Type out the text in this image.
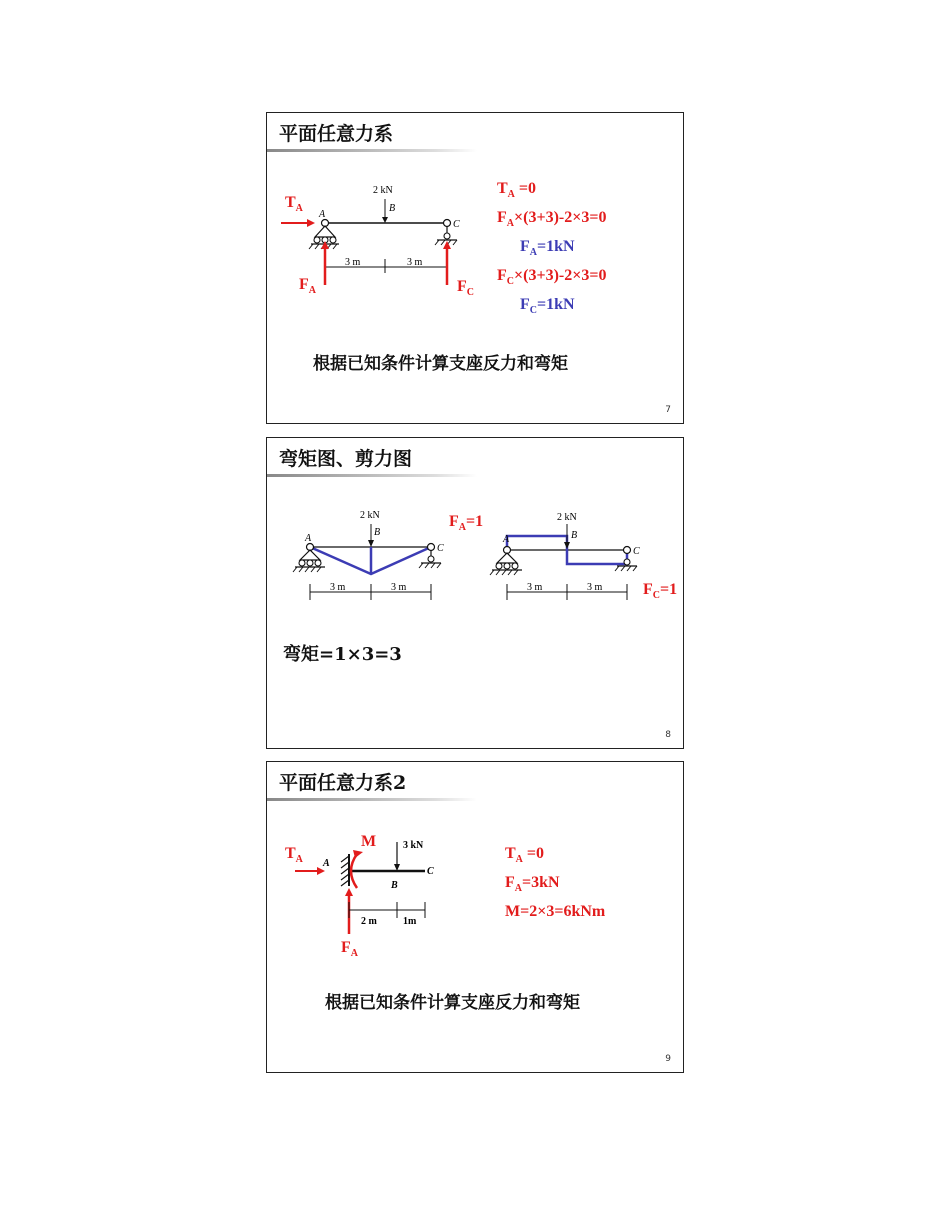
平面任意力系
3 m	3 m
2 kN
B
A
C
$T_A$
$F_A$	$F_C$
$T_A =0$
$F_A\times(3+3)-2\times 3=0$
$F_A=1kN$
$F_C\times(3+3)-2\times 3=0$
$F_C=1kN$
根据已知条件计算支座反力和弯矩
7
弯矩图、剪力图
2 kN
B
A
C
3 m	3 m
2 kN
B
A
C
3 m	3 m
$F_A=1$
$F_C=1$
弯矩=1×3=3
8
平面任意力系2
3 kN
B
A
C
M
$T_A$
$F_A$
2 m	1m
$T_A =0$
$F_A=3kN$
M=2×3=6kNm
根据已知条件计算支座反力和弯矩
9
